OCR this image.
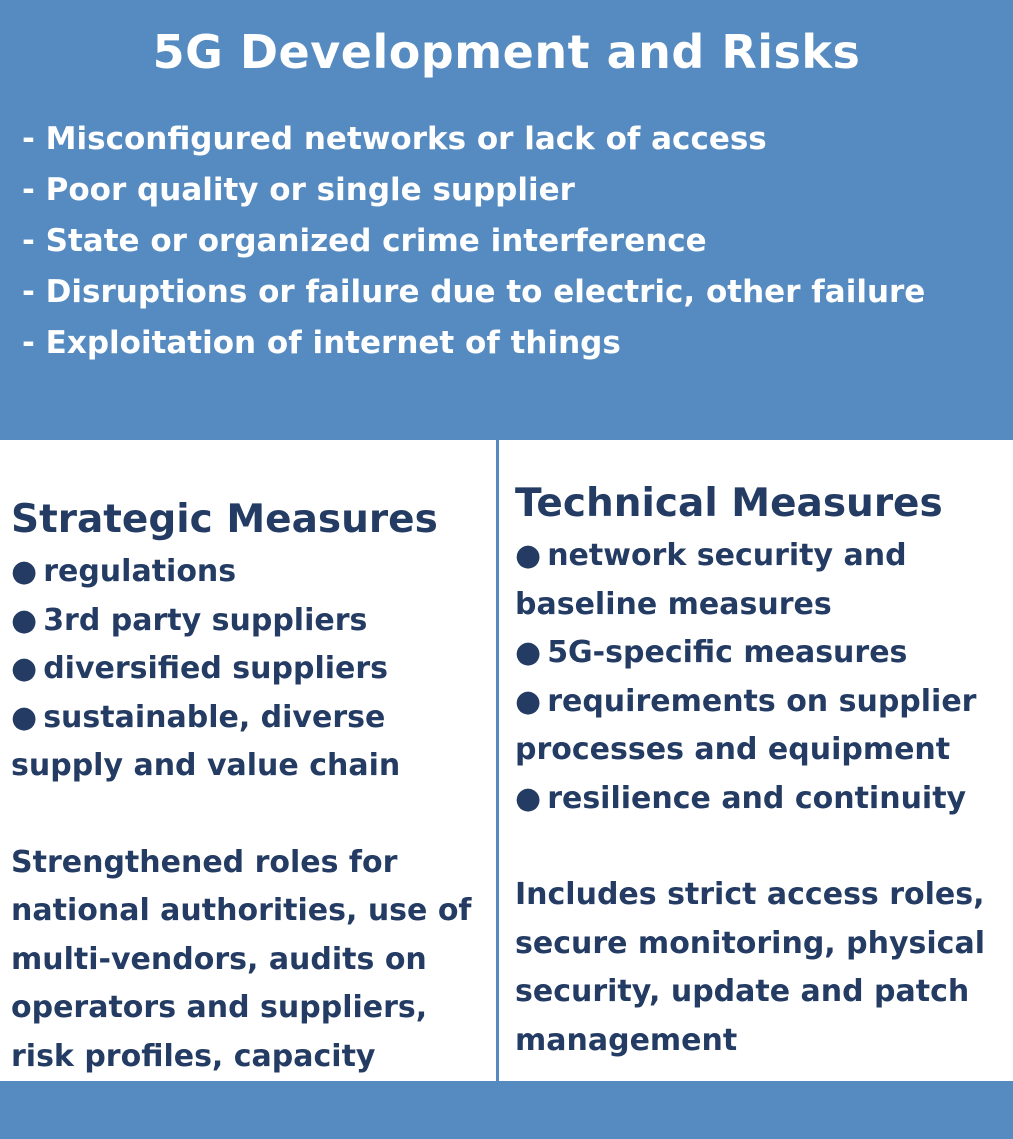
5G Development and Risks
- Misconfigured networks or lack of access
- Poor quality or single supplier
- State or organized crime interference
- Disruptions or failure due to electric, other failure
- Exploitation of internet of things
Strategic Measures
● regulations
● 3rd party suppliers
● diversified suppliers
● sustainable, diverse supply and value chain

Strengthened roles for national authorities, use of multi-vendors, audits on operators and suppliers, risk profiles, capacity

Technical Measures
● network security and baseline measures
● 5G-specific measures
● requirements on supplier processes and equipment
● resilience and continuity

Includes strict access roles, secure monitoring, physical security, update and patch management
